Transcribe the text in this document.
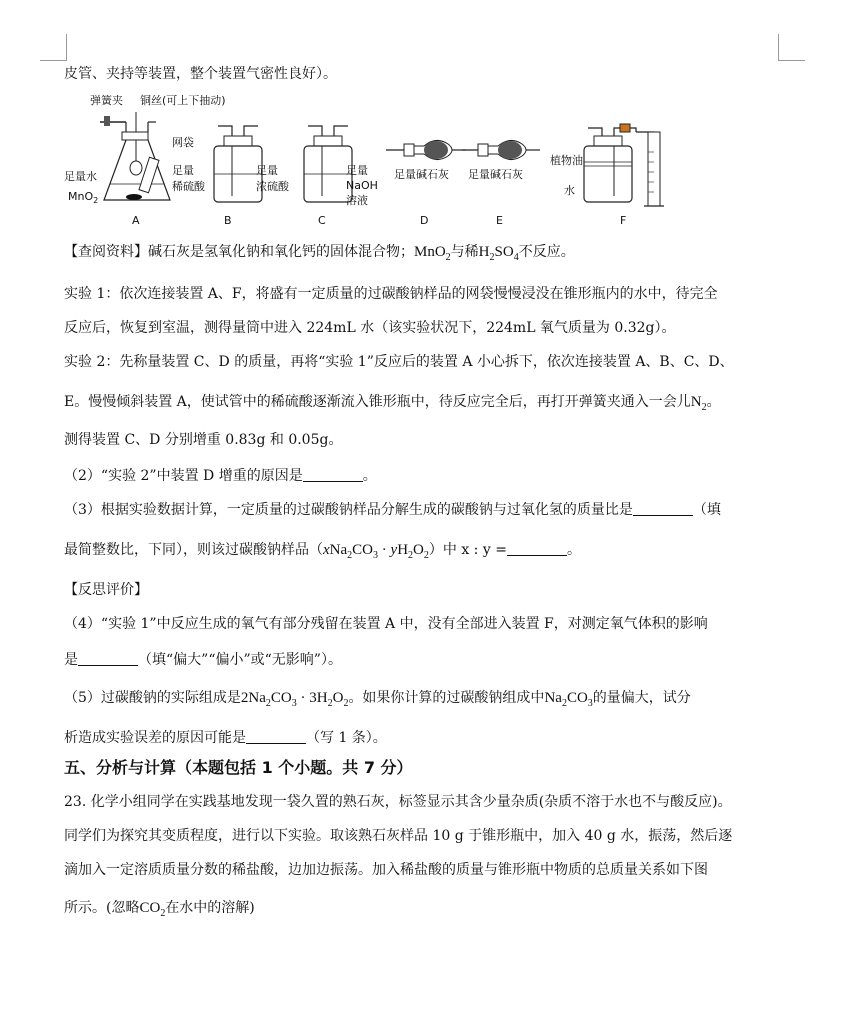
皮管、夹持等装置，整个装置气密性良好）。
弹簧夹 铜丝(可上下抽动)
网袋
足量水
MnO$_2$
足量
稀硫酸
A
足量
浓硫酸
B
足量
NaOH
溶液
C
足量碱石灰
D
足量碱石灰
E
植物油
水
F
【查阅资料】碱石灰是氢氧化钠和氧化钙的固体混合物；MnO$_2$与稀$H_2SO_4$不反应。
实验 1：依次连接装置 A、F，将盛有一定质量的过碳酸钠样品的网袋慢慢浸没在锥形瓶内的水中，待完全
反应后，恢复到室温，测得量筒中进入 224mL 水（该实验状况下，224mL 氧气质量为 0.32g）。
实验 2：先称量装置 C、D 的质量，再将“实验 1”反应后的装置 A 小心拆下，依次连接装置 A、B、C、D、
E。慢慢倾斜装置 A，使试管中的稀硫酸逐渐流入锥形瓶中，待反应完全后，再打开弹簧夹通入一会儿$N_2$。
测得装置 C、D 分别增重 0.83g 和 0.05g。
（2）“实验 2”中装置 D 增重的原因是	。
（3）根据实验数据计算，一定质量的过碳酸钠样品分解生成的碳酸钠与过氧化氢的质量比是	（填
最简整数比，下同），则该过碳酸钠样品$(xNa_2CO_3 \cdot yH_2O_2)$中 x : y =	。
【反思评价】
（4）“实验 1”中反应生成的氧气有部分残留在装置 A 中，没有全部进入装置 F，对测定氧气体积的影响
是	（填“偏大”“偏小”或“无影响”）。
（5）过碳酸钠的实际组成是$2Na_2CO_3 \cdot 3H_2O_2$。如果你计算的过碳酸钠组成中$Na_2CO_3$的量偏大，试分
析造成实验误差的原因可能是	（写 1 条）。
五、分析与计算（本题包括 1 个小题。共 7 分）
23. 化学小组同学在实践基地发现一袋久置的熟石灰，标签显示其含少量杂质(杂质不溶于水也不与酸反应)。
同学们为探究其变质程度，进行以下实验。取该熟石灰样品 10 g 于锥形瓶中，加入 40 g 水，振荡，然后逐
滴加入一定溶质质量分数的稀盐酸，边加边振荡。加入稀盐酸的质量与锥形瓶中物质的总质量关系如下图
所示。(忽略$CO_2$在水中的溶解)
